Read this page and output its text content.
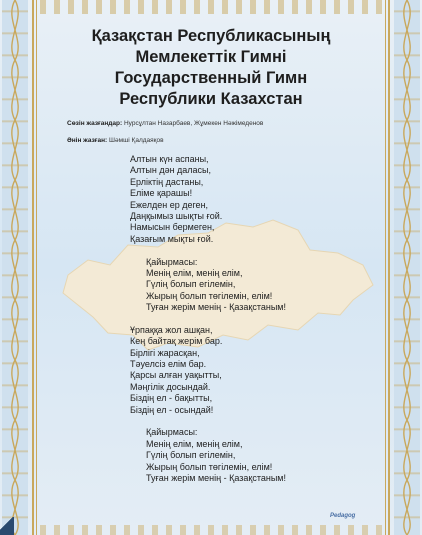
Қазақстан Республикасының
Мемлекеттік Гимні
Государственный Гимн
Республики Казахстан
Сөзін жазғандар: Нурсұлтан Назарбаев, Жұмекен Нәжімеденов
Әнін жазған: Шәмші Қалдаяқов
Алтын күн аспаны,
Алтын дән даласы,
Ерліктің дастаны,
Еліме қарашы!
Ежелден ер деген,
Даңқымыз шықты ғой.
Намысын бермеген,
Қазағым мықты ғой.
Қайырмасы:
Менің елім, менің елім,
Гүлің болып егілемін,
Жырың болып төгілемін, елім!
Туған жерім менің - Қазақстаным!
Ұрпаққа жол ашқан,
Кең байтақ жерім бар.
Бірлігі жарасқан,
Тәуелсіз елім бар.
Қарсы алған уақытты,
Мәңгілік досындай.
Біздің ел - бақытты,
Біздің ел - осындай!
Қайырмасы:
Менің елім, менің елім,
Гүлің болып егілемін,
Жырың болып төгілемін, елім!
Туған жерім менің - Қазақстаным!
Pedagog
